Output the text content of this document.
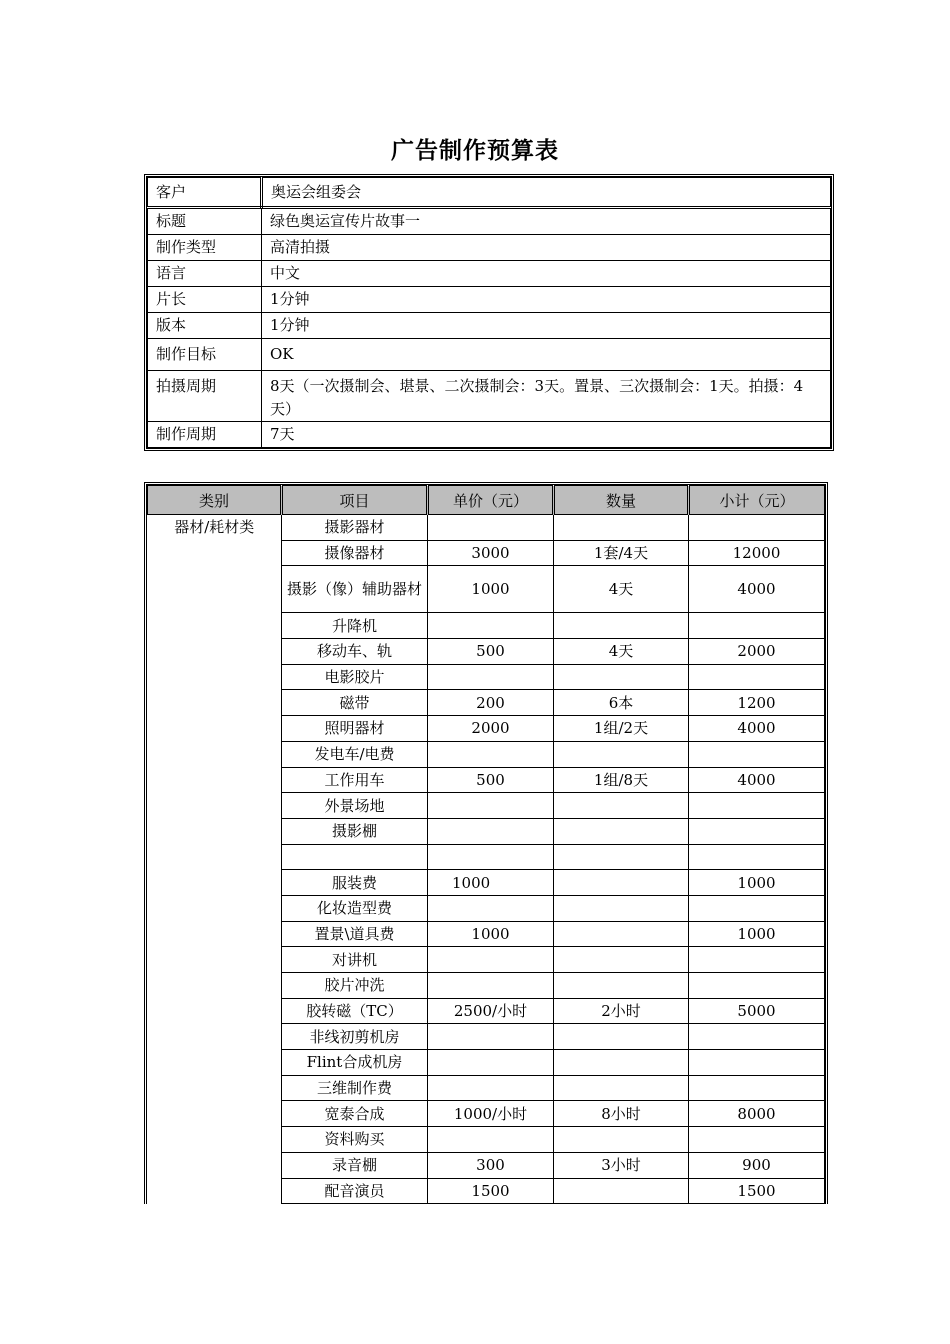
广告制作预算表
客户	奥运会组委会
标题	绿色奥运宣传片故事一
制作类型	高清拍摄
语言	中文
片长	1分钟
版本	1分钟
制作目标	OK
拍摄周期	8天（一次摄制会、堪景、二次摄制会：3天。置景、三次摄制会：1天。拍摄：4天）
制作周期	7天
类别	项目	单价（元）	数量	小计（元）
器材/耗材类	摄影器材			
	摄像器材	3000	1套/4天	12000
	摄影（像）辅助器材	1000	4天	4000
	升降机			
	移动车、轨	500	4天	2000
	电影胶片			
	磁带	200	6本	1200
	照明器材	2000	1组/2天	4000
	发电车/电费			
	工作用车	500	1组/8天	4000
	外景场地			
	摄影棚			

	服装费	1000		1000
	化妆造型费			
	置景\道具费	1000		1000
	对讲机			
	胶片冲洗			
	胶转磁（TC）	2500/小时	2小时	5000
	非线初剪机房			
	Flint合成机房			
	三维制作费			
	宽泰合成	1000/小时	8小时	8000
	资料购买			
	录音棚	300	3小时	900
	配音演员	1500		1500
